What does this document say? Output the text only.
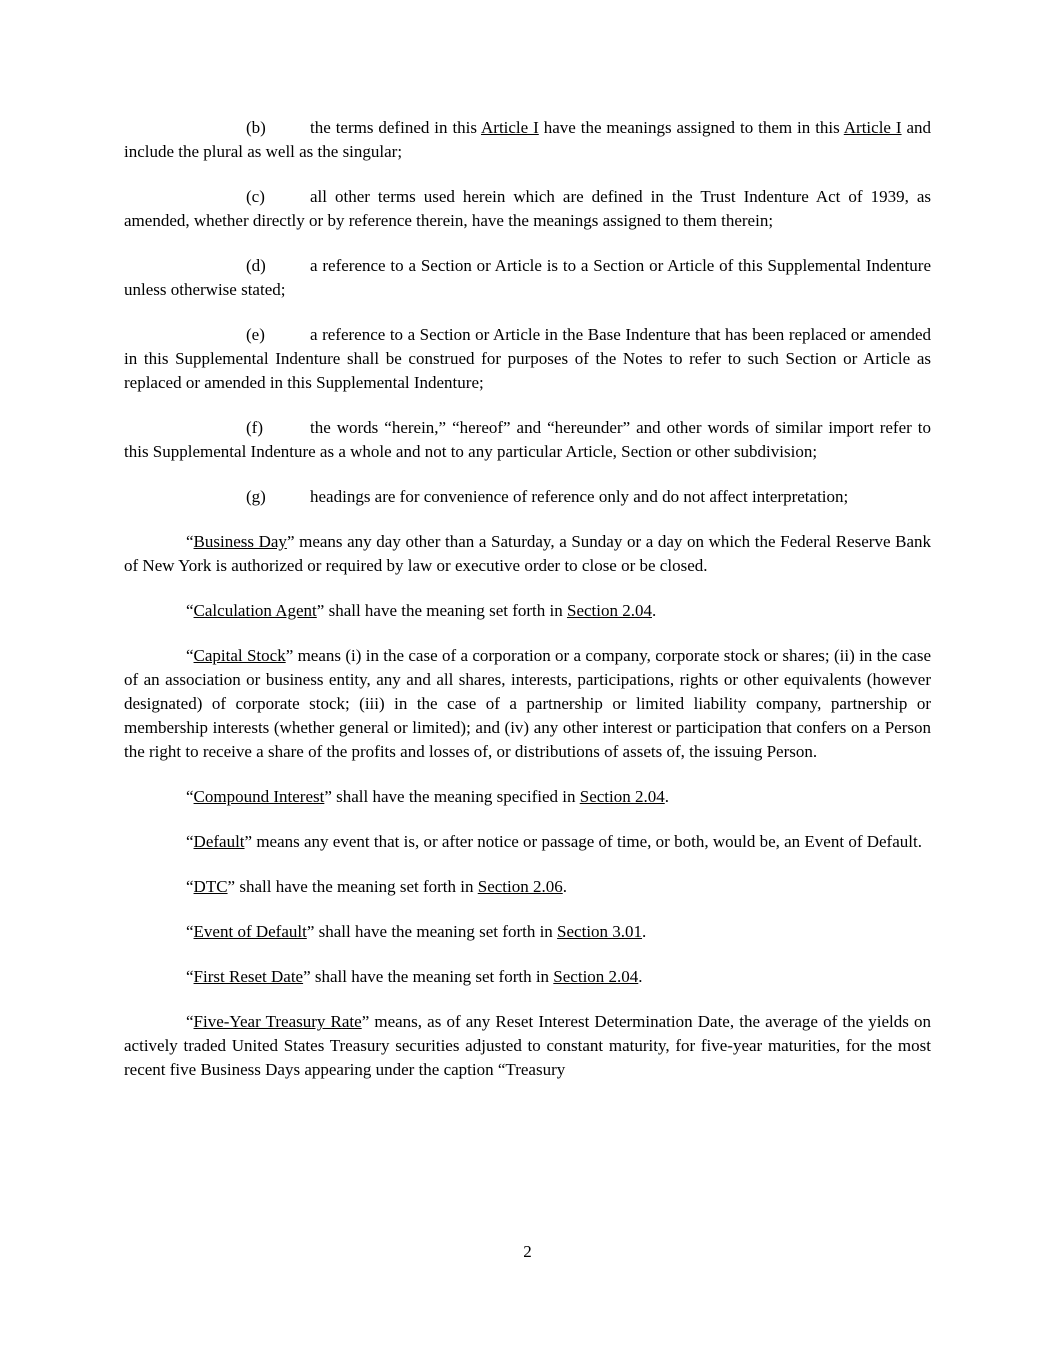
(b)	the terms defined in this Article I have the meanings assigned to them in this Article I and include the plural as well as the singular;

(c)	all other terms used herein which are defined in the Trust Indenture Act of 1939, as amended, whether directly or by reference therein, have the meanings assigned to them therein;

(d)	a reference to a Section or Article is to a Section or Article of this Supplemental Indenture unless otherwise stated;

(e)	a reference to a Section or Article in the Base Indenture that has been replaced or amended in this Supplemental Indenture shall be construed for purposes of the Notes to refer to such Section or Article as replaced or amended in this Supplemental Indenture;

(f)	the words “herein,” “hereof” and “hereunder” and other words of similar import refer to this Supplemental Indenture as a whole and not to any particular Article, Section or other subdivision;

(g)	headings are for convenience of reference only and do not affect interpretation;

“Business Day” means any day other than a Saturday, a Sunday or a day on which the Federal Reserve Bank of New York is authorized or required by law or executive order to close or be closed.

“Calculation Agent” shall have the meaning set forth in Section 2.04.

“Capital Stock” means (i) in the case of a corporation or a company, corporate stock or shares; (ii) in the case of an association or business entity, any and all shares, interests, participations, rights or other equivalents (however designated) of corporate stock; (iii) in the case of a partnership or limited liability company, partnership or membership interests (whether general or limited); and (iv) any other interest or participation that confers on a Person the right to receive a share of the profits and losses of, or distributions of assets of, the issuing Person.

“Compound Interest” shall have the meaning specified in Section 2.04.

“Default” means any event that is, or after notice or passage of time, or both, would be, an Event of Default.

“DTC” shall have the meaning set forth in Section 2.06.

“Event of Default” shall have the meaning set forth in Section 3.01.

“First Reset Date” shall have the meaning set forth in Section 2.04.

“Five-Year Treasury Rate” means, as of any Reset Interest Determination Date, the average of the yields on actively traded United States Treasury securities adjusted to constant maturity, for five-year maturities, for the most recent five Business Days appearing under the caption “Treasury

2
